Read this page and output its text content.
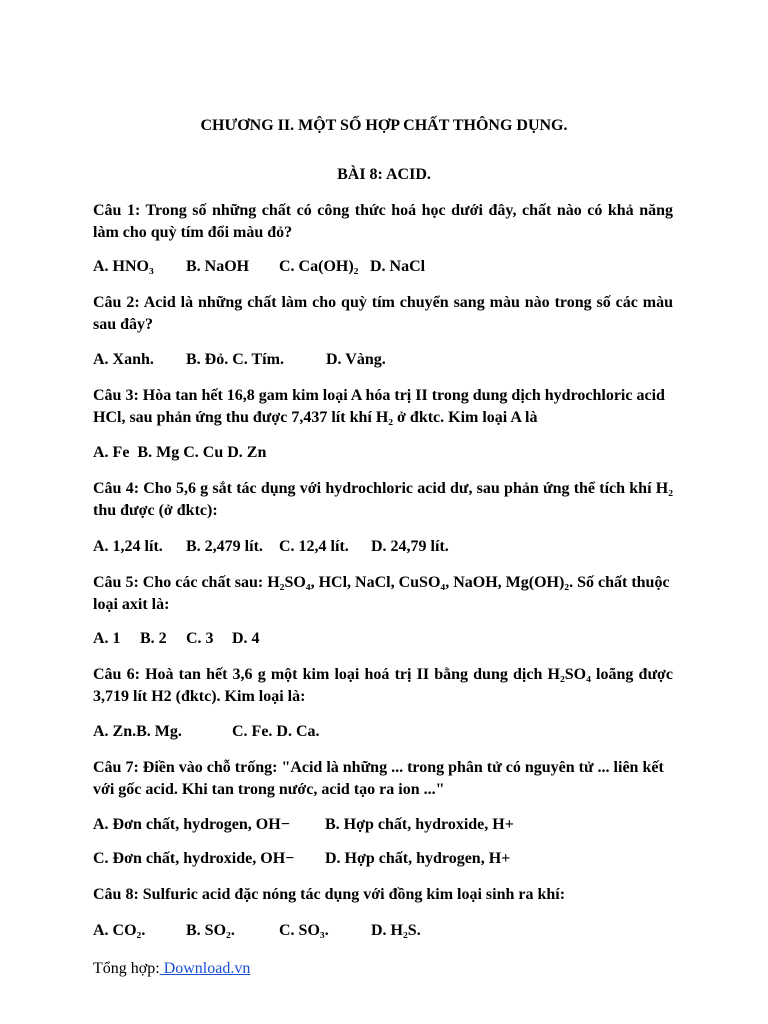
CHƯƠNG II. MỘT SỐ HỢP CHẤT THÔNG DỤNG.
BÀI 8: ACID.
Câu 1: Trong số những chất có công thức hoá học dưới đây, chất nào có khả năng làm cho quỳ tím đổi màu đỏ?
A. HNO₃ B. NaOH C. Ca(OH)₂ D. NaCl
Câu 2: Acid là những chất làm cho quỳ tím chuyển sang màu nào trong số các màu sau đây?
A. Xanh. B. Đỏ. C. Tím.	D. Vàng.
Câu 3: Hòa tan hết 16,8 gam kim loại A hóa trị II trong dung dịch hydrochloric acid HCl, sau phản ứng thu được 7,437 lít khí H₂ ở đktc. Kim loại A là
A. Fe  B. Mg C. Cu D. Zn
Câu 4: Cho 5,6 g sắt tác dụng với hydrochloric acid dư, sau phản ứng thể tích khí H₂ thu được (ở đktc):
A. 1,24 lít. B. 2,479 lít. C. 12,4 lít. D. 24,79 lít.
Câu 5: Cho các chất sau: H₂SO₄, HCl, NaCl, CuSO₄, NaOH, Mg(OH)₂. Số chất thuộc loại axit là:
A. 1 B. 2 C. 3 D. 4
Câu 6: Hoà tan hết 3,6 g một kim loại hoá trị II bằng dung dịch H₂SO₄ loãng được 3,719 lít H2 (đktc). Kim loại là:
A. Zn.B. Mg.	C. Fe. D. Ca.
Câu 7: Điền vào chỗ trống: "Acid là những ... trong phân tử có nguyên tử ... liên kết với gốc acid. Khi tan trong nước, acid tạo ra ion ..."
A. Đơn chất, hydrogen, OH− B. Hợp chất, hydroxide, H+
C. Đơn chất, hydroxide, OH− D. Hợp chất, hydrogen, H+
Câu 8: Sulfuric acid đặc nóng tác dụng với đồng kim loại sinh ra khí:
A. CO₂.	B. SO₂.	C. SO₃.	D. H₂S.
Tổng hợp: Download.vn
